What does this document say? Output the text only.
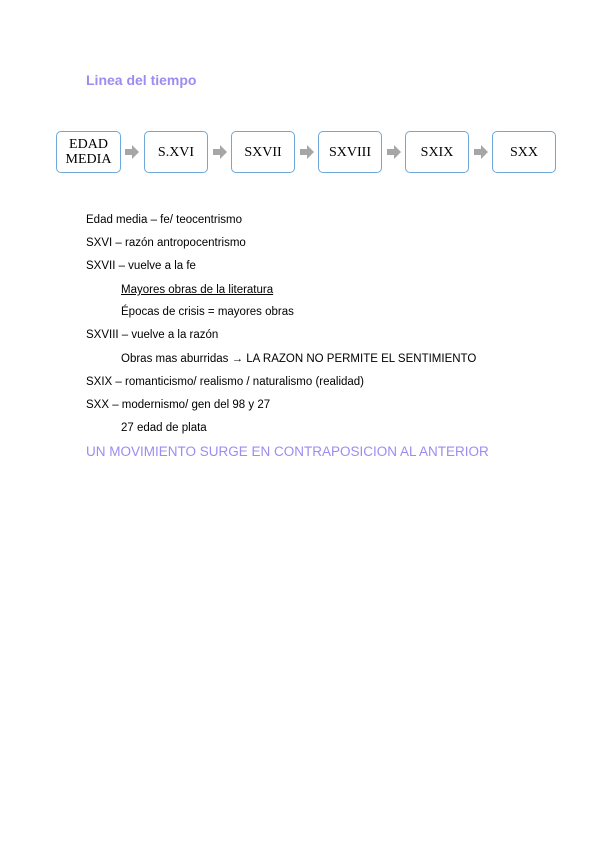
Linea del tiempo
EDAD
MEDIA	S.XVI	SXVII	SXVIII	SXIX	SXX
Edad media – fe/ teocentrismo
SXVI – razón antropocentrismo
SXVII – vuelve a la fe
Mayores obras de la literatura
Épocas de crisis = mayores obras
SXVIII – vuelve a la razón
Obras mas aburridas → LA RAZON NO PERMITE EL SENTIMIENTO
SXIX – romanticismo/ realismo / naturalismo (realidad)
SXX – modernismo/ gen del 98 y 27
27 edad de plata
UN MOVIMIENTO SURGE EN CONTRAPOSICION AL ANTERIOR
